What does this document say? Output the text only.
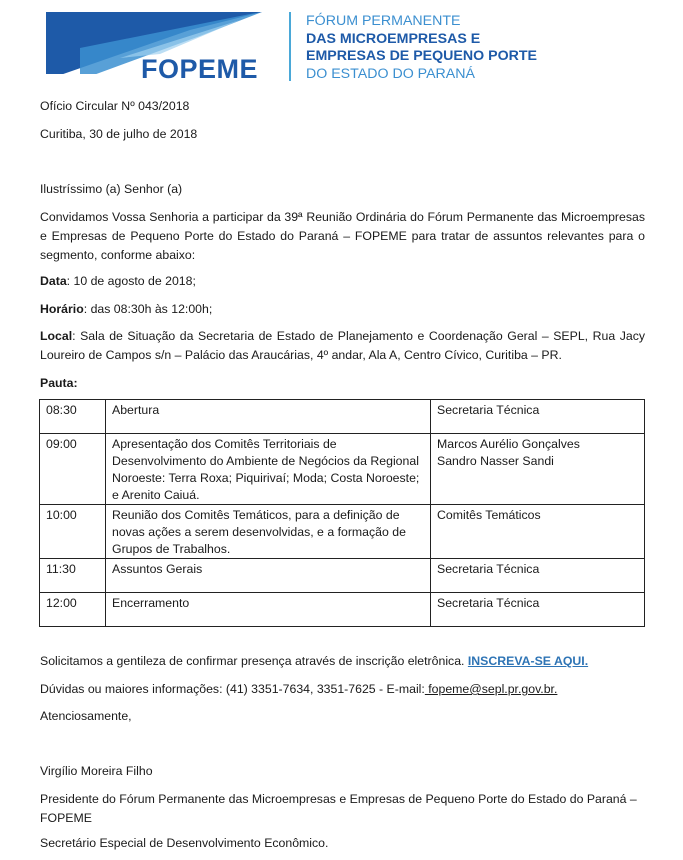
FOPEME
FÓRUM PERMANENTE
DAS MICROEMPRESAS E
EMPRESAS DE PEQUENO PORTE
DO ESTADO DO PARANÁ
Ofício Circular Nº 043/2018
Curitiba, 30 de julho de 2018
Ilustríssimo (a) Senhor (a)
Convidamos Vossa Senhoria a participar da 39ª Reunião Ordinária do Fórum Permanente das Microempresas e Empresas de Pequeno Porte do Estado do Paraná – FOPEME para tratar de assuntos relevantes para o segmento, conforme abaixo:
Data: 10 de agosto de 2018;
Horário: das 08:30h às 12:00h;
Local: Sala de Situação da Secretaria de Estado de Planejamento e Coordenação Geral – SEPL, Rua Jacy Loureiro de Campos s/n – Palácio das Araucárias, 4º andar, Ala A, Centro Cívico, Curitiba – PR.
Pauta:
08:30	Abertura	Secretaria Técnica
09:00	Apresentação dos Comitês Territoriais de Desenvolvimento do Ambiente de Negócios da Regional Noroeste: Terra Roxa; Piquirivaí; Moda; Costa Noroeste; e Arenito Caiuá.	Marcos Aurélio Gonçalves
Sandro Nasser Sandi

10:00	Reunião dos Comitês Temáticos, para a definição de novas ações a serem desenvolvidas, e a formação de Grupos de Trabalhos.	Comitês Temáticos
11:30	Assuntos Gerais	Secretaria Técnica
12:00	Encerramento	Secretaria Técnica
Solicitamos a gentileza de confirmar presença através de inscrição eletrônica. INSCREVA-SE AQUI.
Dúvidas ou maiores informações: (41) 3351-7634, 3351-7625 - E-mail: fopeme@sepl.pr.gov.br.
Atenciosamente,
Virgílio Moreira Filho
Presidente do Fórum Permanente das Microempresas e Empresas de Pequeno Porte do Estado do Paraná – FOPEME
Secretário Especial de Desenvolvimento Econômico.
